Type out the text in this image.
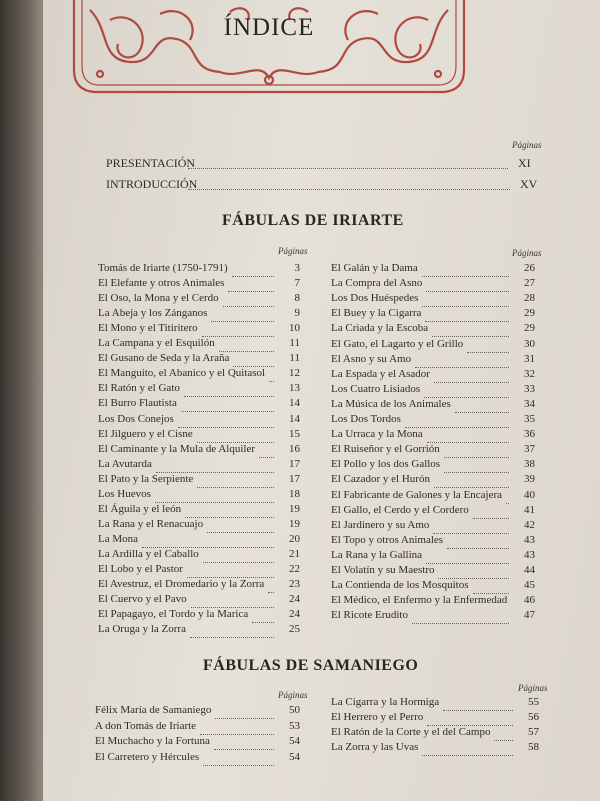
ÍNDICE
Páginas
PRESENTACIÓN	XI
INTRODUCCIÓN	XV
FÁBULAS DE IRIARTE
Páginas	Páginas
Tomás de Iriarte (1750-1791)	3
El Elefante y otros Animales	7
El Oso, la Mona y el Cerdo	8
La Abeja y los Zánganos	9
El Mono y el Titiritero	10
La Campana y el Esquilón	11
El Gusano de Seda y la Araña	11
El Manguito, el Abanico y el Quitasol	12
El Ratón y el Gato	13
El Burro Flautista	14
Los Dos Conejos	14
El Jilguero y el Cisne	15
El Caminante y la Mula de Alquiler	16
La Avutarda	17
El Pato y la Serpiente	17
Los Huevos	18
El Águila y el león	19
La Rana y el Renacuajo	19
La Mona	20
La Ardilla y el Caballo	21
El Lobo y el Pastor	22
El Avestruz, el Dromedario y la Zorra	23
El Cuervo y el Pavo	24
El Papagayo, el Tordo y la Marica	24
La Oruga y la Zorra	25
El Galán y la Dama	26
La Compra del Asno	27
Los Dos Huéspedes	28
El Buey y la Cigarra	29
La Criada y la Escoba	29
El Gato, el Lagarto y el Grillo	30
El Asno y su Amo	31
La Espada y el Asador	32
Los Cuatro Lisiados	33
La Música de los Animales	34
Los Dos Tordos	35
La Urraca y la Mona	36
El Ruiseñor y el Gorrión	37
El Pollo y los dos Gallos	38
El Cazador y el Hurón	39
El Fabricante de Galones y la Encajera	40
El Gallo, el Cerdo y el Cordero	41
El Jardinero y su Amo	42
El Topo y otros Animales	43
La Rana y la Gallina	43
El Volatín y su Maestro	44
La Contienda de los Mosquitos	45
El Médico, el Enfermo y la Enfermedad	46
El Ricote Erudito	47
FÁBULAS DE SAMANIEGO
Páginas
Páginas
Félix María de Samaniego	50
A don Tomás de Iriarte	53
El Muchacho y la Fortuna	54
El Carretero y Hércules	54
La Cigarra y la Hormiga	55
El Herrero y el Perro	56
El Ratón de la Corte y el del Campo	57
La Zorra y las Uvas	58
